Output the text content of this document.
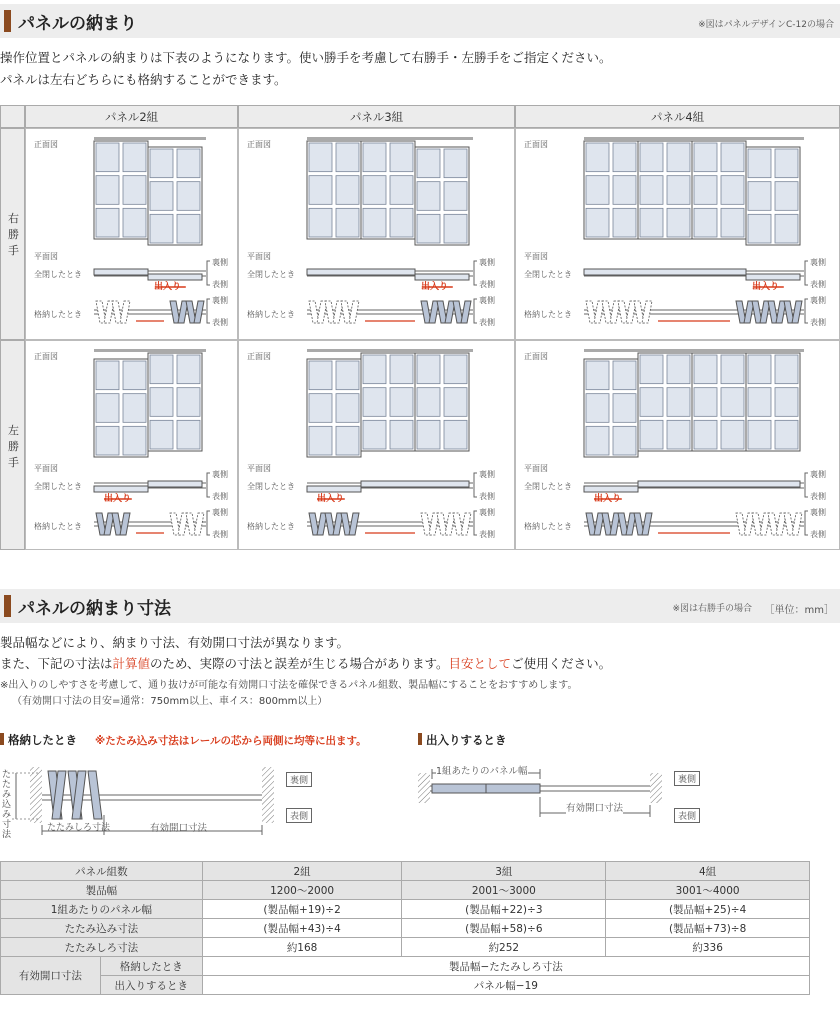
パネルの納まり	※図はパネルデザインC-12の場合
操作位置とパネルの納まりは下表のようになります。使い勝手を考慮して右勝手・左勝手をご指定ください。
パネルは左右どちらにも格納することができます。
パネル2組	パネル3組	パネル4組
右
勝
手
左
勝
手
正面図
平面図
全閉したとき
格納したとき
出入り
裏側
表側
裏側
表側
正面図
平面図
全閉したとき
格納したとき
出入り
裏側
表側
裏側
表側
正面図
平面図
全閉したとき
格納したとき
出入り
裏側
表側
裏側
表側
正面図
平面図
全閉したとき
格納したとき
出入り
裏側
表側
裏側
表側
正面図
平面図
全閉したとき
格納したとき
出入り
裏側
表側
裏側
表側
正面図
平面図
全閉したとき
格納したとき
出入り
裏側
表側
裏側
表側
パネルの納まり寸法	※図は右勝手の場合 ［単位：mm］
製品幅などにより、納まり寸法、有効開口寸法が異なります。
また、下記の寸法は計算値のため、実際の寸法と誤差が生じる場合があります。目安としてご使用ください。
※出入りのしやすさを考慮して、通り抜けが可能な有効開口寸法を確保できるパネル組数、製品幅にすることをおすすめします。
（有効開口寸法の目安=通常：750mm以上、車イス：800mm以上）
格納したとき ※たたみ込み寸法はレールの芯から両側に均等に出ます。	出入りするとき
たたみ込み寸法
たたみしろ寸法	有効開口寸法
裏側
表側
1組あたりのパネル幅
有効開口寸法
裏側
表側
パネル組数		2組	3組	4組
製品幅		1200～2000	2001～3000	3001～4000
1組あたりのパネル幅		(製品幅+19)÷2	(製品幅+22)÷3	(製品幅+25)÷4
たたみ込み寸法		(製品幅+43)÷4	(製品幅+58)÷6	(製品幅+73)÷8
たたみしろ寸法		約168	約252	約336
有効開口寸法	格納したとき	製品幅−たたみしろ寸法		
	出入りするとき	パネル幅−19		
